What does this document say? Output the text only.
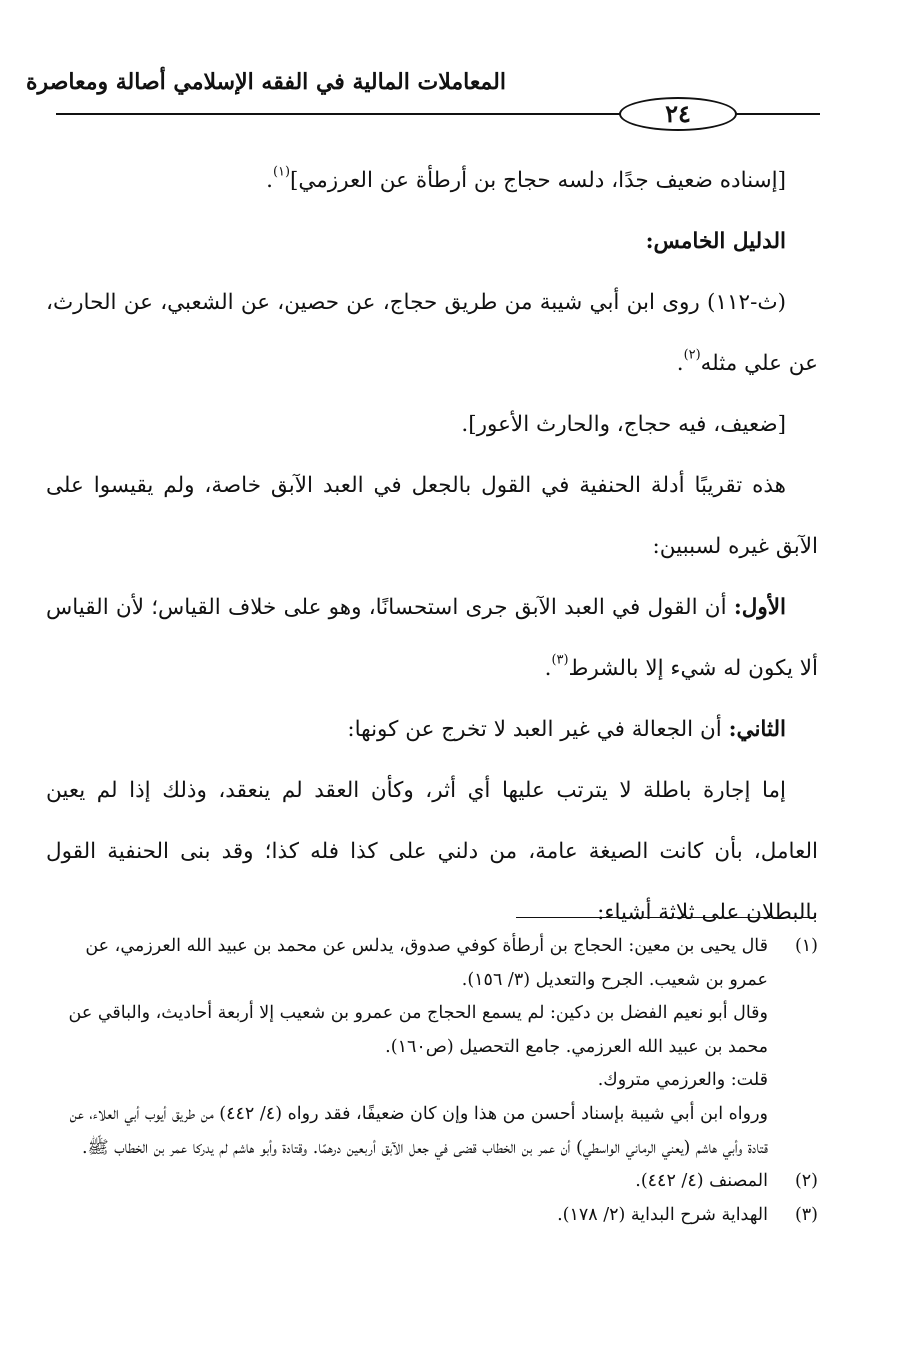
المعاملات المالية في الفقه الإسلامي أصالة ومعاصرة
٢٤

[إسناده ضعيف جدًا، دلسه حجاج بن أرطأة عن العرزمي]$^{(١)}$.

الدليل الخامس:

(ث-١١٢) روى ابن أبي شيبة من طريق حجاج، عن حصين، عن الشعبي، عن الحارث، عن علي مثله$^{(٢)}$.

[ضعيف، فيه حجاج، والحارث الأعور].

هذه تقريبًا أدلة الحنفية في القول بالجعل في العبد الآبق خاصة، ولم يقيسوا على الآبق غيره لسببين:

الأول: أن القول في العبد الآبق جرى استحسانًا، وهو على خلاف القياس؛ لأن القياس ألا يكون له شيء إلا بالشرط$^{(٣)}$.

الثاني: أن الجعالة في غير العبد لا تخرج عن كونها:

إما إجارة باطلة لا يترتب عليها أي أثر، وكأن العقد لم ينعقد، وذلك إذا لم يعين العامل، بأن كانت الصيغة عامة، من دلني على كذا فله كذا؛ وقد بنى الحنفية القول بالبطلان على ثلاثة أشياء:

(١)
قال يحيى بن معين: الحجاج بن أرطأة كوفي صدوق، يدلس عن محمد بن عبيد الله العرزمي، عن عمرو بن شعيب. الجرح والتعديل (٣/ ١٥٦).
وقال أبو نعيم الفضل بن دكين: لم يسمع الحجاج من عمرو بن شعيب إلا أربعة أحاديث، والباقي عن محمد بن عبيد الله العرزمي. جامع التحصيل (ص١٦٠).
قلت: والعرزمي متروك.
ورواه ابن أبي شيبة بإسناد أحسن من هذا وإن كان ضعيفًا، فقد رواه (٤/ ٤٤٢) من طريق أيوب أبي العلاء، عن قتادة وأبي هاشم (يعني الرماني الواسطي) أن عمر بن الخطاب قضى في جعل الآبق أربعين درهمًا. وقتادة وأبو هاشم لم يدركا عمر بن الخطاب ﷺ.
(٢)
المصنف (٤/ ٤٤٢).
(٣)
الهداية شرح البداية (٢/ ١٧٨).
